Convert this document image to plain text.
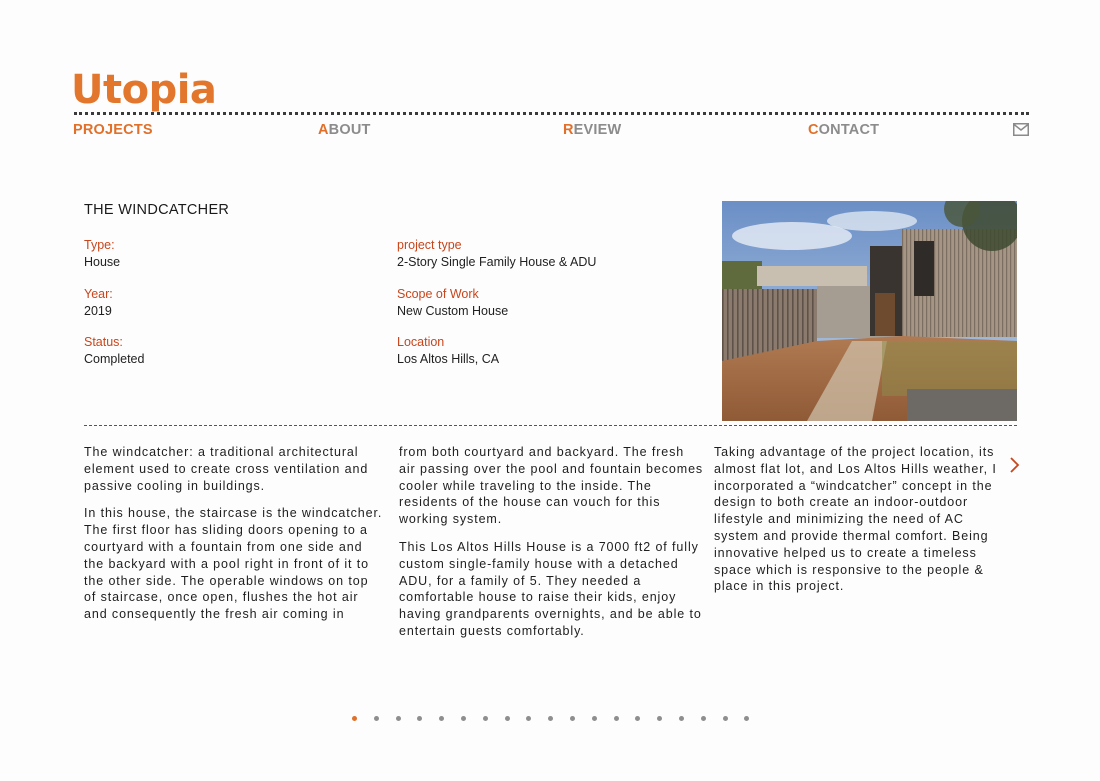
Utopia
PROJECTS	ABOUT	REVIEW	CONTACT
THE WINDCATCHER
Type:
House
Year:
2019
Status:
Completed
project type
2-Story Single Family House & ADU
Scope of Work
New Custom House
Location
Los Altos Hills, CA

The windcatcher: a traditional architectural element used to create cross ventilation and passive cooling in buildings.

In this house, the staircase is the windcatcher. The first floor has sliding doors opening to a courtyard with a fountain from one side and the backyard with a pool right in front of it to the other side. The operable windows on top of staircase, once open, flushes the hot air and consequently the fresh air coming in

from both courtyard and backyard. The fresh air passing over the pool and fountain becomes cooler while traveling to the inside. The residents of the house can vouch for this working system.

This Los Altos Hills House is a 7000 ft2 of fully custom single-family house with a detached ADU, for a family of 5. They needed a comfortable house to raise their kids, enjoy having grandparents overnights, and be able to entertain guests comfortably.

Taking advantage of the project location, its almost flat lot, and Los Altos Hills weather, I incorporated a “windcatcher” concept in the design to both create an indoor-outdoor lifestyle and minimizing the need of AC system and provide thermal comfort. Being innovative helped us to create a timeless space which is responsive to the people & place in this project.
